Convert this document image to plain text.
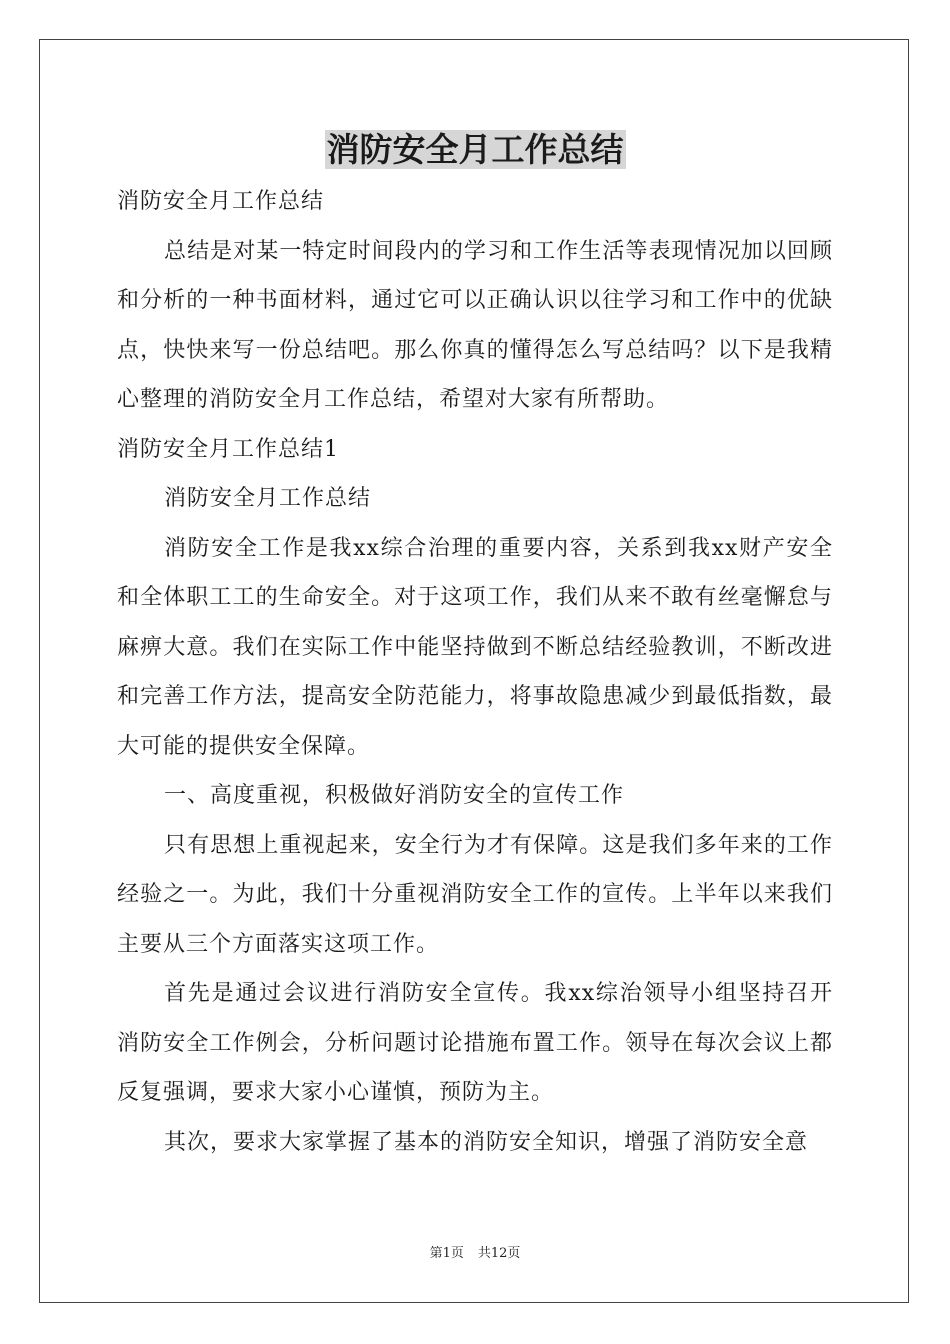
消防安全月工作总结

消防安全月工作总结

总结是对某一特定时间段内的学习和工作生活等表现情况加以回顾和分析的一种书面材料，通过它可以正确认识以往学习和工作中的优缺点，快快来写一份总结吧。那么你真的懂得怎么写总结吗？以下是我精心整理的消防安全月工作总结，希望对大家有所帮助。

消防安全月工作总结1

消防安全月工作总结

消防安全工作是我xx综合治理的重要内容，关系到我xx财产安全和全体职工工的生命安全。对于这项工作，我们从来不敢有丝毫懈怠与麻痹大意。我们在实际工作中能坚持做到不断总结经验教训，不断改进和完善工作方法，提高安全防范能力，将事故隐患减少到最低指数，最大可能的提供安全保障。

一、高度重视，积极做好消防安全的宣传工作

只有思想上重视起来，安全行为才有保障。这是我们多年来的工作经验之一。为此，我们十分重视消防安全工作的宣传。上半年以来我们主要从三个方面落实这项工作。

首先是通过会议进行消防安全宣传。我xx综治领导小组坚持召开消防安全工作例会，分析问题讨论措施布置工作。领导在每次会议上都反复强调，要求大家小心谨慎，预防为主。

其次，要求大家掌握了基本的消防安全知识，增强了消防安全意

第1页 共12页
